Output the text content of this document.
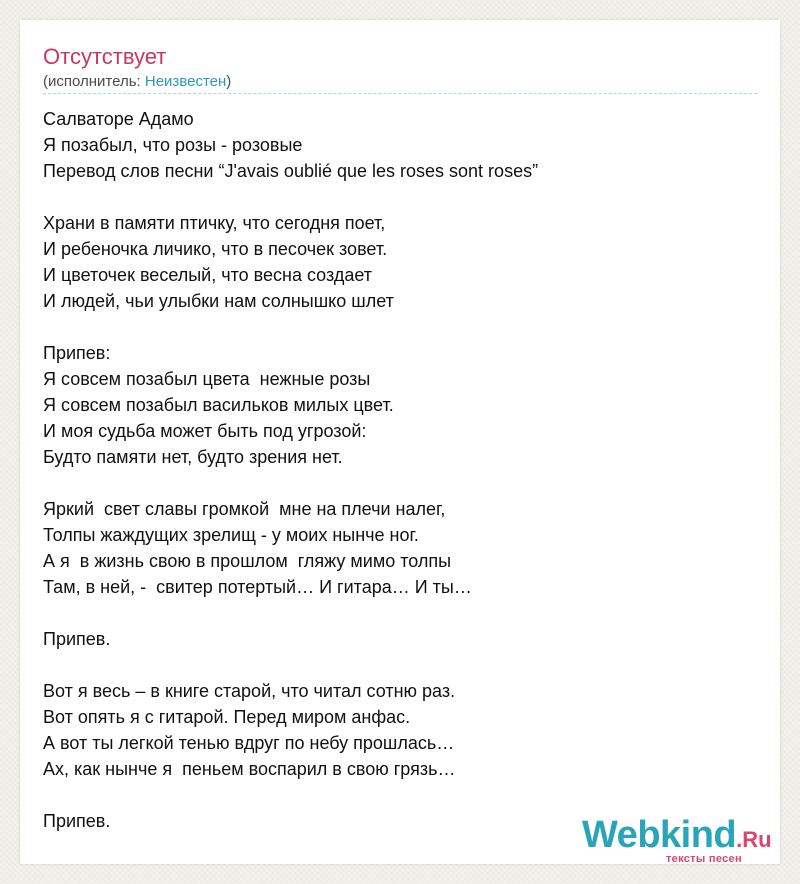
Отсутствует
(исполнитель: Неизвестен)
Салваторе Адамо
Я позабыл, что розы - розовые
Перевод слов песни “J'avais oublié que les roses sont roses”

Храни в памяти птичку, что сегодня поет,
И ребеночка личико, что в песочек зовет.
И цветочек веселый, что весна создает
И людей, чьи улыбки нам солнышко шлет

Припев:
Я совсем позабыл цвета  нежные розы
Я совсем позабыл васильков милых цвет.
И моя судьба может быть под угрозой:
Будто памяти нет, будто зрения нет.

Яркий  свет славы громкой  мне на плечи налег,
Толпы жаждущих зрелищ - у моих нынче ног.
А я  в жизнь свою в прошлом  гляжу мимо толпы
Там, в ней, -  свитер потертый… И гитара… И ты…

Припев.

Вот я весь – в книге старой, что читал сотню раз.
Вот опять я с гитарой. Перед миром анфас.
А вот ты легкой тенью вдруг по небу прошлась…
Ах, как нынче я  пеньем воспарил в свою грязь…

Припев.	Webkind.Ru
тексты песен
